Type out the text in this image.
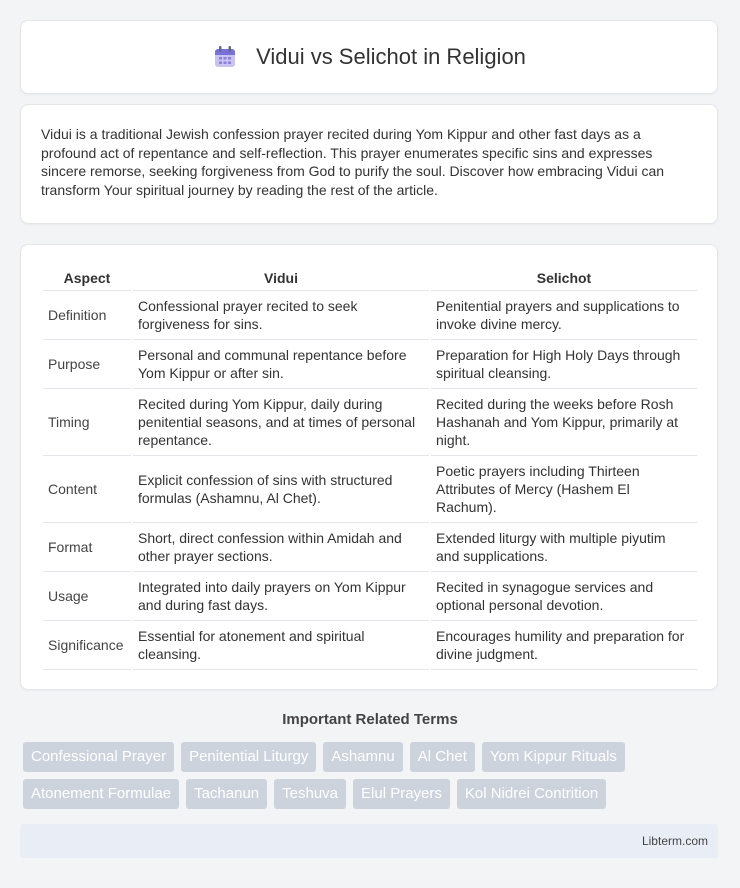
Vidui vs Selichot in Religion

Vidui is a traditional Jewish confession prayer recited during Yom Kippur and other fast days as a profound act of repentance and self-reflection. This prayer enumerates specific sins and expresses sincere remorse, seeking forgiveness from God to purify the soul. Discover how embracing Vidui can transform Your spiritual journey by reading the rest of the article.

Aspect	Vidui	Selichot
Definition	Confessional prayer recited to seek forgiveness for sins.	Penitential prayers and supplications to invoke divine mercy.
Purpose	Personal and communal repentance before Yom Kippur or after sin.	Preparation for High Holy Days through spiritual cleansing.
Timing	Recited during Yom Kippur, daily during penitential seasons, and at times of personal repentance.	Recited during the weeks before Rosh Hashanah and Yom Kippur, primarily at night.
Content	Explicit confession of sins with structured formulas (Ashamnu, Al Chet).	Poetic prayers including Thirteen Attributes of Mercy (Hashem El Rachum).
Format	Short, direct confession within Amidah and other prayer sections.	Extended liturgy with multiple piyutim and supplications.
Usage	Integrated into daily prayers on Yom Kippur and during fast days.	Recited in synagogue services and optional personal devotion.
Significance	Essential for atonement and spiritual cleansing.	Encourages humility and preparation for divine judgment.
Important Related Terms
Confessional Prayer	Penitential Liturgy	Ashamnu	Al Chet	Yom Kippur Rituals
Atonement Formulae	Tachanun	Teshuva	Elul Prayers	Kol Nidrei Contrition
Libterm.com
